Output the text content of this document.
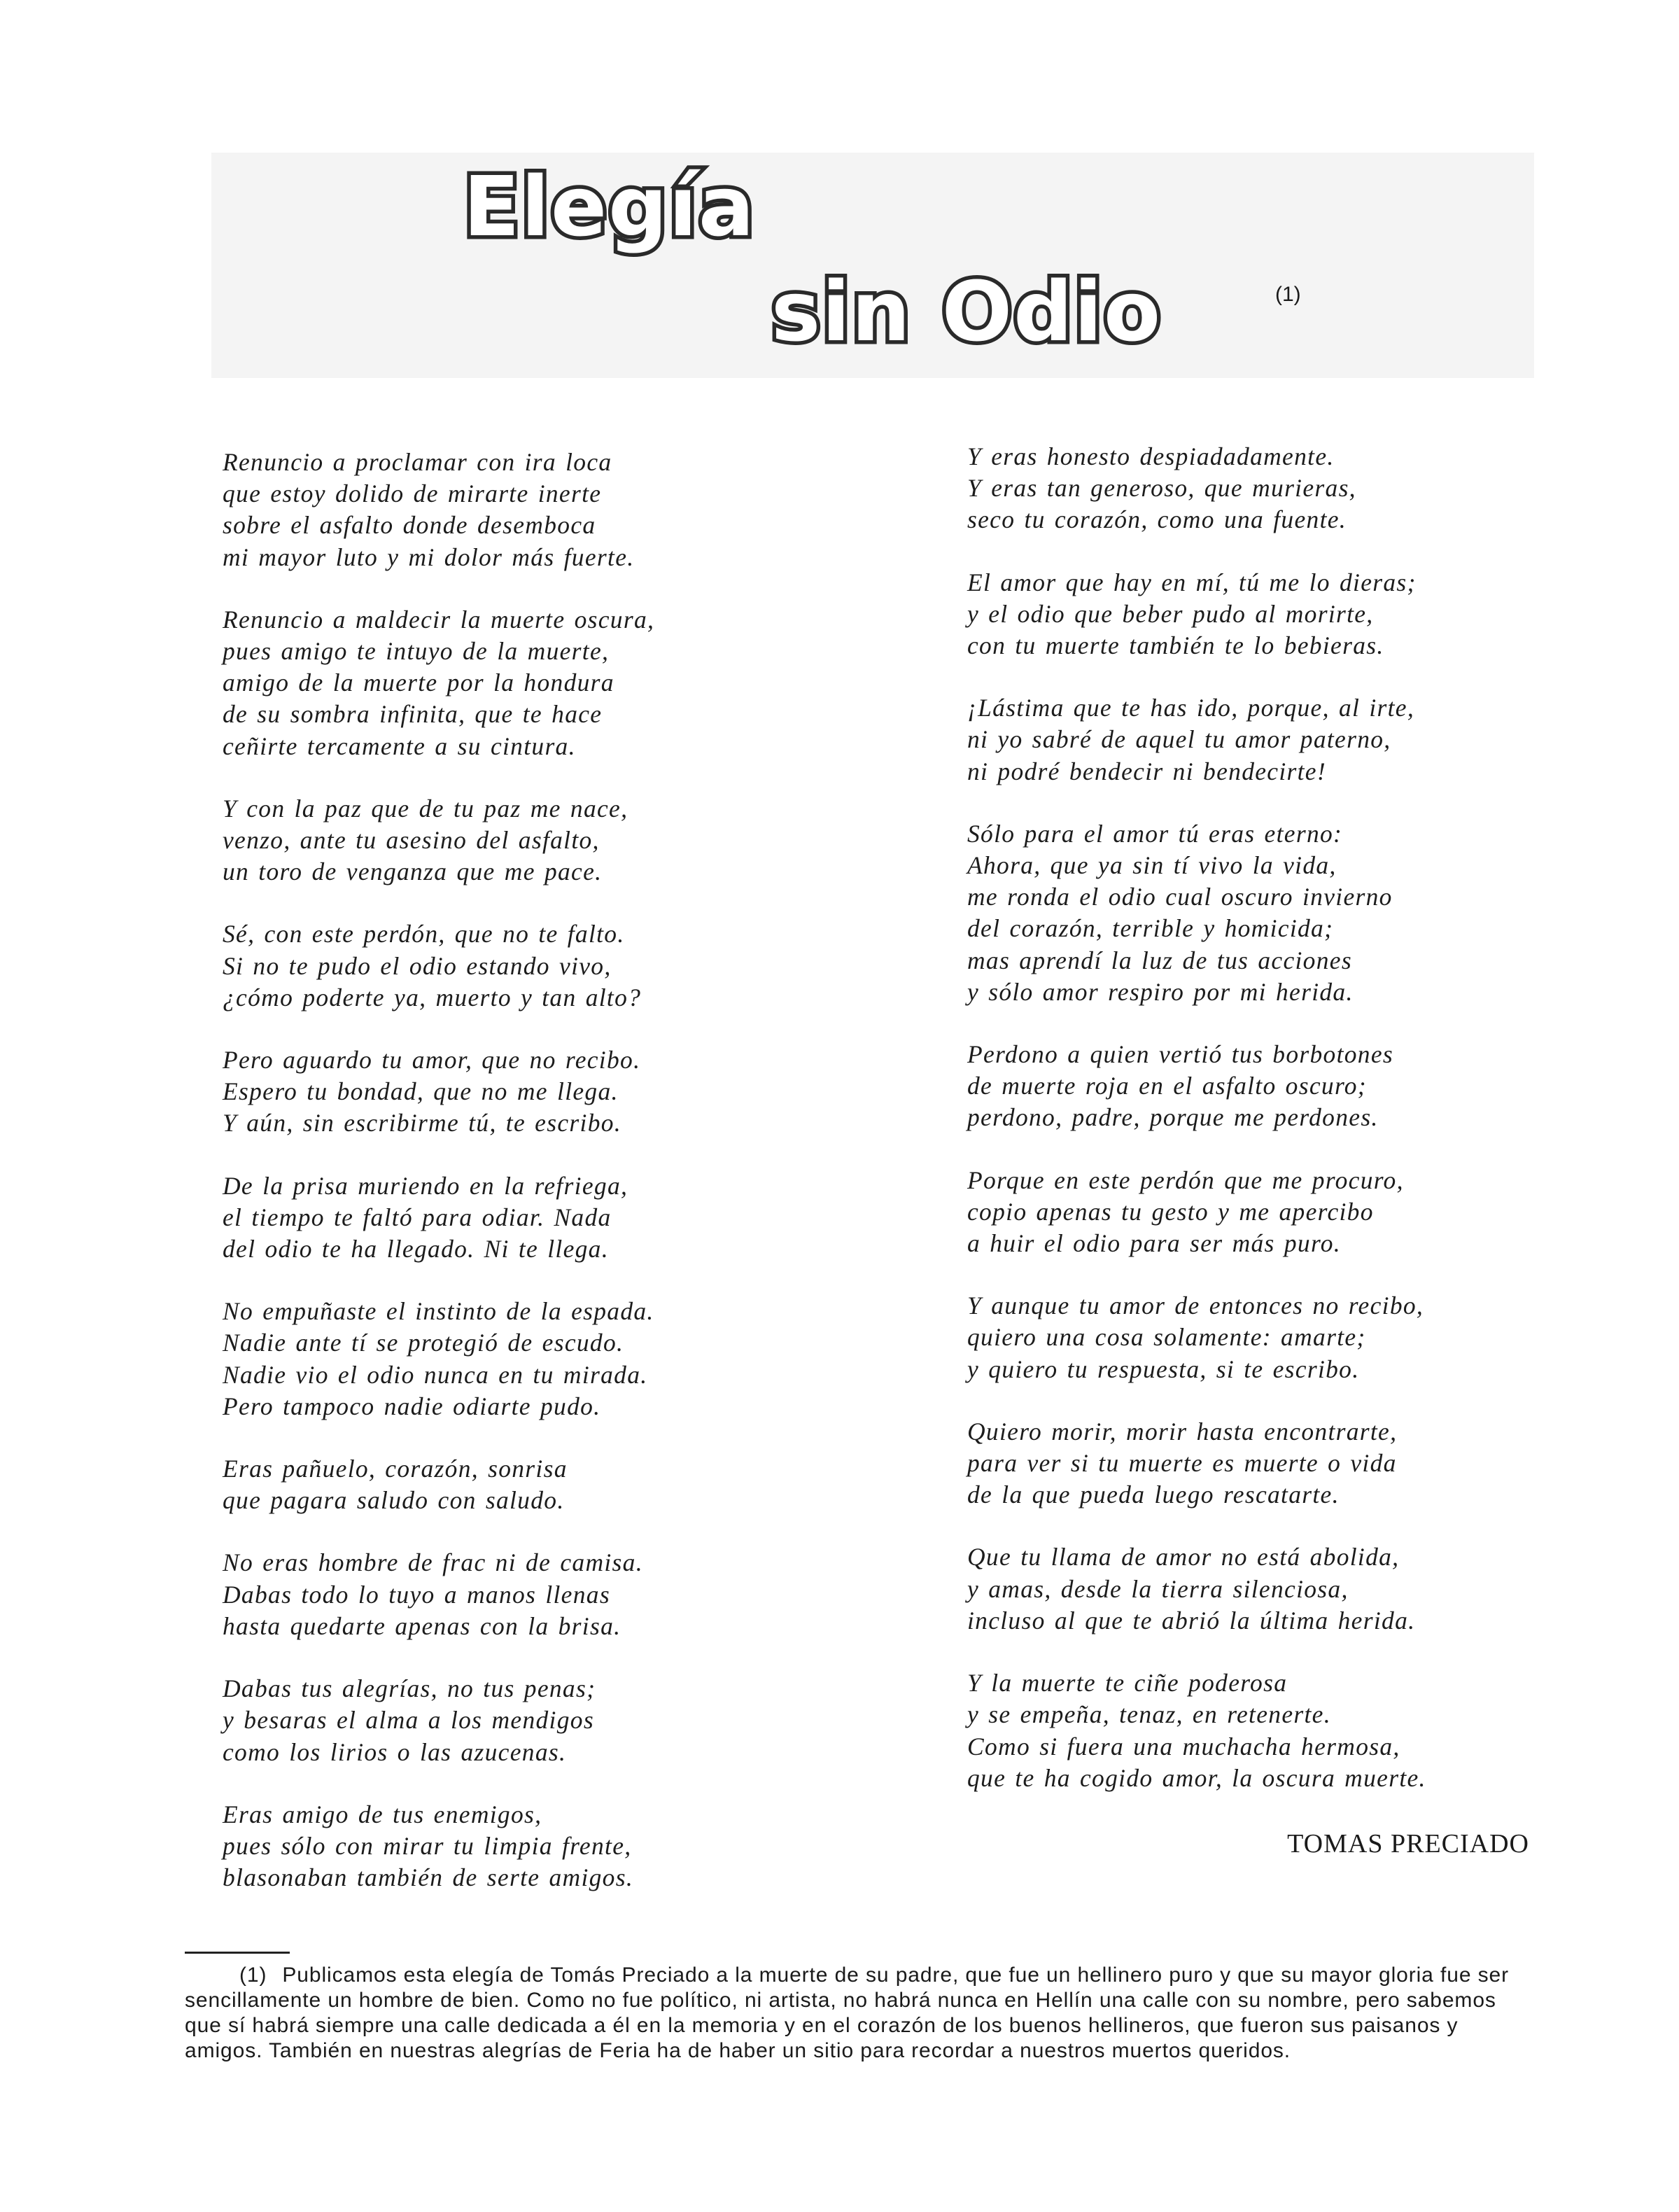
Elegía
sin Odio	(1)
Renuncio a proclamar con ira loca
que estoy dolido de mirarte inerte
sobre el asfalto donde desemboca
mi mayor luto y mi dolor más fuerte.
Renuncio a maldecir la muerte oscura,
pues amigo te intuyo de la muerte,
amigo de la muerte por la hondura
de su sombra infinita, que te hace
ceñirte tercamente a su cintura.
Y con la paz que de tu paz me nace,
venzo, ante tu asesino del asfalto,
un toro de venganza que me pace.
Sé, con este perdón, que no te falto.
Si no te pudo el odio estando vivo,
¿cómo poderte ya, muerto y tan alto?
Pero aguardo tu amor, que no recibo.
Espero tu bondad, que no me llega.
Y aún, sin escribirme tú, te escribo.
De la prisa muriendo en la refriega,
el tiempo te faltó para odiar. Nada
del odio te ha llegado. Ni te llega.
No empuñaste el instinto de la espada.
Nadie ante tí se protegió de escudo.
Nadie vio el odio nunca en tu mirada.
Pero tampoco nadie odiarte pudo.
Eras pañuelo, corazón, sonrisa
que pagara saludo con saludo.
No eras hombre de frac ni de camisa.
Dabas todo lo tuyo a manos llenas
hasta quedarte apenas con la brisa.
Dabas tus alegrías, no tus penas;
y besaras el alma a los mendigos
como los lirios o las azucenas.
Eras amigo de tus enemigos,
pues sólo con mirar tu limpia frente,
blasonaban también de serte amigos.
Y eras honesto despiadadamente.
Y eras tan generoso, que murieras,
seco tu corazón, como una fuente.
El amor que hay en mí, tú me lo dieras;
y el odio que beber pudo al morirte,
con tu muerte también te lo bebieras.
¡Lástima que te has ido, porque, al irte,
ni yo sabré de aquel tu amor paterno,
ni podré bendecir ni bendecirte!
Sólo para el amor tú eras eterno:
Ahora, que ya sin tí vivo la vida,
me ronda el odio cual oscuro invierno
del corazón, terrible y homicida;
mas aprendí la luz de tus acciones
y sólo amor respiro por mi herida.
Perdono a quien vertió tus borbotones
de muerte roja en el asfalto oscuro;
perdono, padre, porque me perdones.
Porque en este perdón que me procuro,
copio apenas tu gesto y me apercibo
a huir el odio para ser más puro.
Y aunque tu amor de entonces no recibo,
quiero una cosa solamente: amarte;
y quiero tu respuesta, si te escribo.
Quiero morir, morir hasta encontrarte,
para ver si tu muerte es muerte o vida
de la que pueda luego rescatarte.
Que tu llama de amor no está abolida,
y amas, desde la tierra silenciosa,
incluso al que te abrió la última herida.
Y la muerte te ciñe poderosa
y se empeña, tenaz, en retenerte.
Como si fuera una muchacha hermosa,
que te ha cogido amor, la oscura muerte.
TOMAS PRECIADO
(1) Publicamos esta elegía de Tomás Preciado a la muerte de su padre, que fue un hellinero puro y que su mayor gloria fue ser sencillamente un hombre de bien. Como no fue político, ni artista, no habrá nunca en Hellín una calle con su nombre, pero sabemos que sí habrá siempre una calle dedicada a él en la memoria y en el corazón de los buenos hellineros, que fueron sus paisanos y amigos. También en nuestras alegrías de Feria ha de haber un sitio para recordar a nuestros muertos queridos.
